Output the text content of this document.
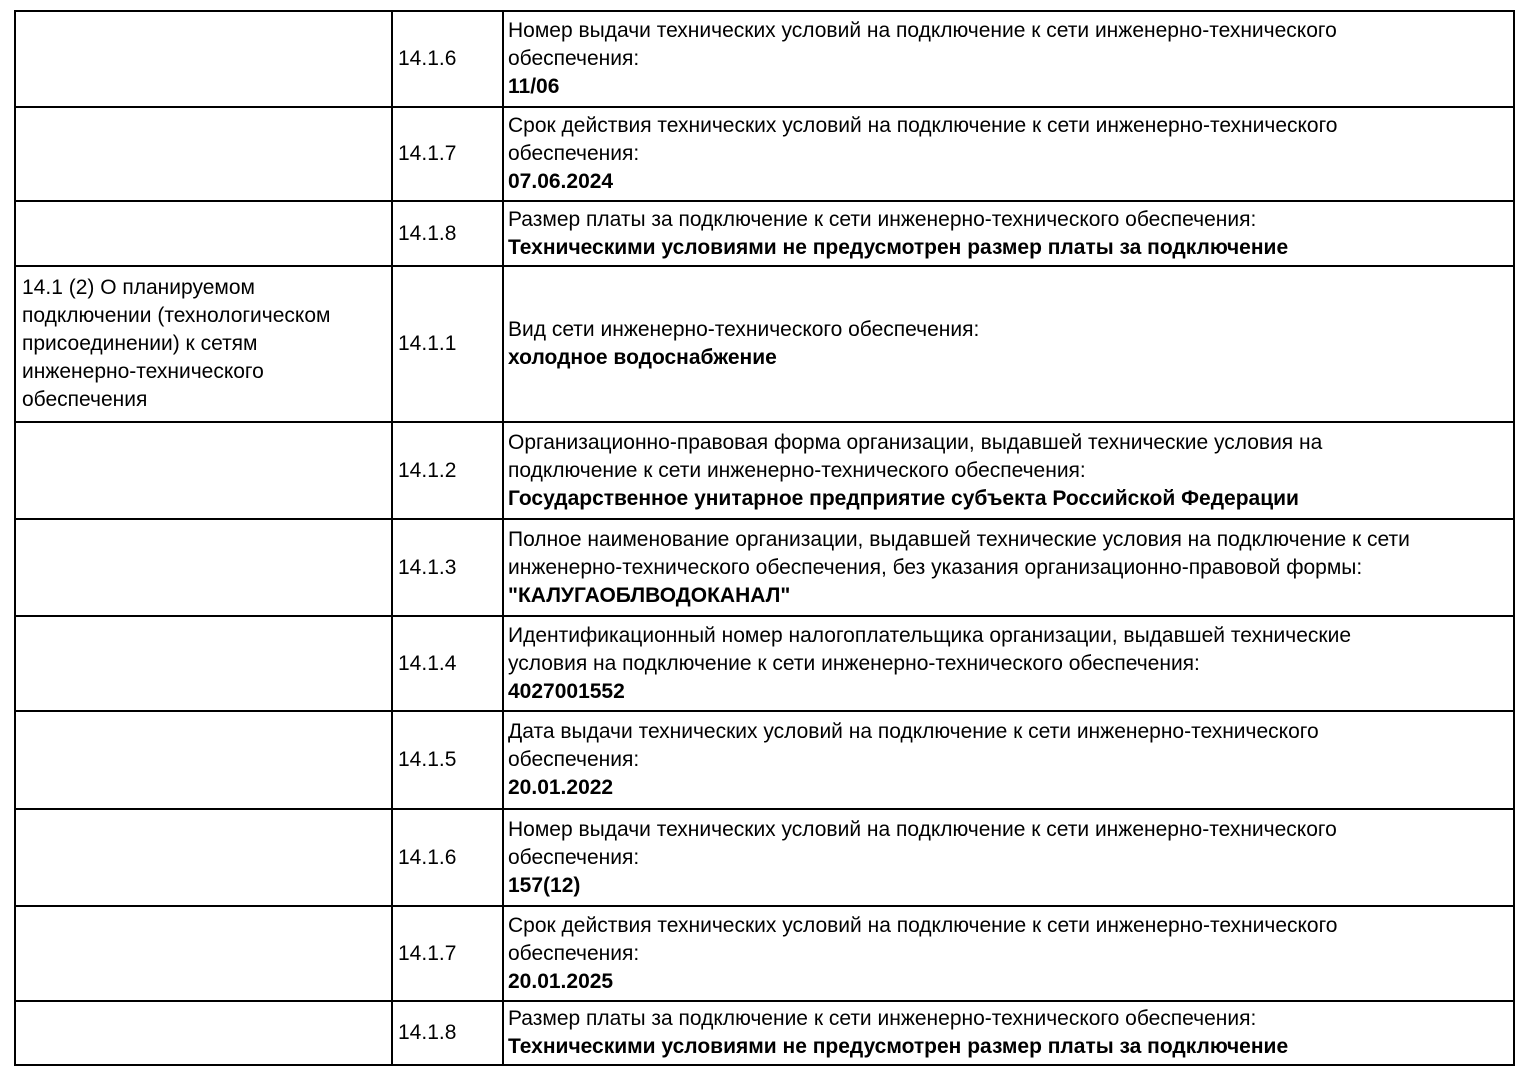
	14.1.6	Номер выдачи технических условий на подключение к сети инженерно-технического обеспечения:
11/06

	14.1.7	Срок действия технических условий на подключение к сети инженерно-технического обеспечения:
07.06.2024

	14.1.8	Размер платы за подключение к сети инженерно-технического обеспечения:
Техническими условиями не предусмотрен размер платы за подключение

14.1 (2) О планируемом подключении (технологическом присоединении) к сетям инженерно-технического обеспечения	14.1.1	Вид сети инженерно-технического обеспечения:
холодное водоснабжение

	14.1.2	Организационно-правовая форма организации, выдавшей технические условия на подключение к сети инженерно-технического обеспечения:
Государственное унитарное предприятие субъекта Российской Федерации

	14.1.3	Полное наименование организации, выдавшей технические условия на подключение к сети инженерно-технического обеспечения, без указания организационно-правовой формы:
"КАЛУГАОБЛВОДОКАНАЛ"

	14.1.4	Идентификационный номер налогоплательщика организации, выдавшей технические условия на подключение к сети инженерно-технического обеспечения:
4027001552

	14.1.5	Дата выдачи технических условий на подключение к сети инженерно-технического обеспечения:
20.01.2022

	14.1.6	Номер выдачи технических условий на подключение к сети инженерно-технического обеспечения:
157(12)

	14.1.7	Срок действия технических условий на подключение к сети инженерно-технического обеспечения:
20.01.2025

	14.1.8	Размер платы за подключение к сети инженерно-технического обеспечения:
Техническими условиями не предусмотрен размер платы за подключение
